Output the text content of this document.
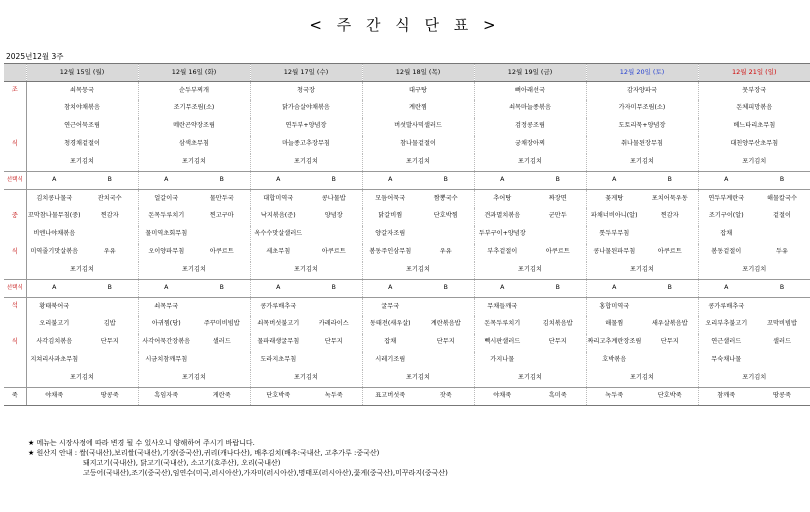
< 주 간 식 단 표 >
2025년12월 3주
	12월 15일 (월)		12월 16일 (화)		12월 17일 (수)		12월 18일 (목)		12월 19일 (금)		12월 20일 (토)		12월 21일 (일)	
조	쇠목뭉국		순두부찌개		청국장		대구탕		뼈아래선국		감자양파국		뭇부장국	
	참치야채볶음		조기무조림(소)		닭가슴살야채볶음		계란찜		쇠목마늘종볶음		가자미무조림(소)		돈체피망볶음	
	연근어묵조림		메란곤약장조림		연두부+양념장		버섯발사믹샐러드		검정콩조림		도토리묵+양념장		베느타리초무침	
식	청경채겉절이		삼색초무침		마늘종고추장무침		참나물겉절이		궁채장아찌		취나물된장무침		대친양무산초무침	
	포기김치		포기김치		포기김치		포기김치		포기김치		포기김치		포기김치	
선택식	A	B	A	B	A	B	A	B	A	B	A	B	A	B
	김치콩나물국	잔치국수	얼갈이국	물만두국	대합미역국	콩나물밥	모듬어묵국	짬뽕국수	추어탕	짜장면	꽃게탕	포치어묵우동	연두부계란국	해물칼국수
중	꼬막참나물무침(중)	찐감자	돈목두루치기	찐고구마	낙지볶음(준)	양념장	닭갈비찜	단호박찜	견과멸치볶음	군만두	파채너비아니(알)	찐감자	조기구이(알)	겉절이
	비엔나야채볶음		물미역초회무침		옥수수맛살샐러드		양갈자조림		두부구이+양념장		톳두부무침		잡채	
식	미역줄기맛살볶음	우유	오이양파무침	아쿠르트	세초무침	아쿠르트	봄동주인삼무침	우유	부추겉절이	아쿠르트	콩나물된파무침	아쿠르트	봄동겉절이	두유
	포기김치		포기김치		포기김치		포기김치		포기김치		포기김치		포기김치	
선택식	A	B	A	B	A	B	A	B	A	B	A	B	A	B
석	황태북어국		쇠목무국		콩가루배추국		굴무국		무채들깨국		홍합미역국		콩가루배추국	
	오리불고기	김밥	아귀찜(당)	주꾸미비빔밥	쇠목버섯불고기	카레라이스	동태전(새우살)	계란볶음밥	돈목두루치기	김치볶음밥	해물찜	새우살볶음밥	오리부추불고기	꼬막비빔밥
식	사각김치볶음	단무지	사각어묵간장볶음	샐러드	물파래생굴무침	단무지	잡채	단무지	빽시판샐러드	단무지	짜리고추계란장조림	단무지	연근샐러드	샐러드
	지쳐리사과초무침		시금치참깨무침		도라지초무침		시레기조림		가지나물		호박볶음		무숙채나물	
	포기김치		포기김치		포기김치		포기김치		포기김치		포기김치		포기김치	
죽	야채죽	땅콩죽	흑임자죽	게란죽	단호박죽	녹두죽	표고버섯죽	잣죽	야채죽	흑미죽	녹두죽	단호박죽	참깨죽	땅콩죽
★ 메뉴는 시장사정에 따라 변경 될 수 있사오니 양해하여 주시기 바랍니다.
★ 원산지 안내 : 쌀(국내산),보리쌀(국내산),기장(중국산),귀리(캐나다산), 배추김치(배추:국내산, 고추가루 :중국산)
돼지고기(국내산), 닭고기(국내산), 소고기(호주산), 오리(국내산)
고등어(국내산),조기(중국산),임연수(미국,러시아산),가자미(러시아산),명태포(러시아산),꽃게(중국산),미꾸라지(중국산)
